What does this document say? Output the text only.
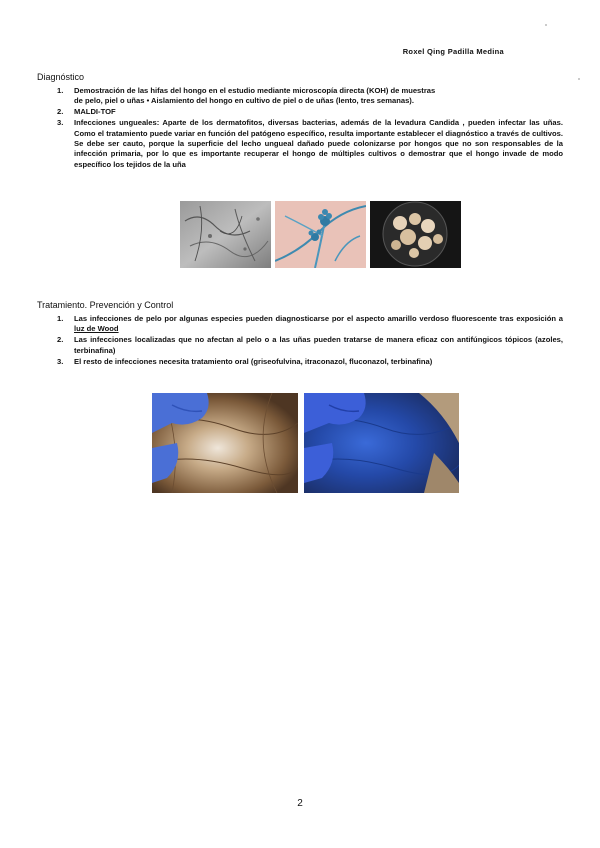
Roxel Qing Padilla Medina
Diagnóstico
1. Demostración de las hifas del hongo en el estudio mediante microscopía directa (KOH) de muestras
de pelo, piel o uñas • Aislamiento del hongo en cultivo de piel o de uñas (lento, tres semanas).
2. MALDI-TOF
3. Infecciones ungueales: Aparte de los dermatofitos, diversas bacterias, además de la levadura Candida , pueden infectar las uñas. Como el tratamiento puede variar en función del patógeno específico, resulta importante establecer el diagnóstico a través de cultivos. Se debe ser cauto, porque la superficie del lecho ungueal dañado puede colonizarse por hongos que no son responsables de la infección primaria, por lo que es importante recuperar el hongo de múltiples cultivos o demostrar que el hongo invade de modo específico los tejidos de la uña
Tratamiento. Prevención y Control
1. Las infecciones de pelo por algunas especies pueden diagnosticarse por el aspecto amarillo verdoso fluorescente tras exposición a luz de Wood
2. Las infecciones localizadas que no afectan al pelo o a las uñas pueden tratarse de manera eficaz con antifúngicos tópicos (azoles, terbinafina)
3. El resto de infecciones necesita tratamiento oral (griseofulvina, itraconazol, fluconazol, terbinafina)
2
